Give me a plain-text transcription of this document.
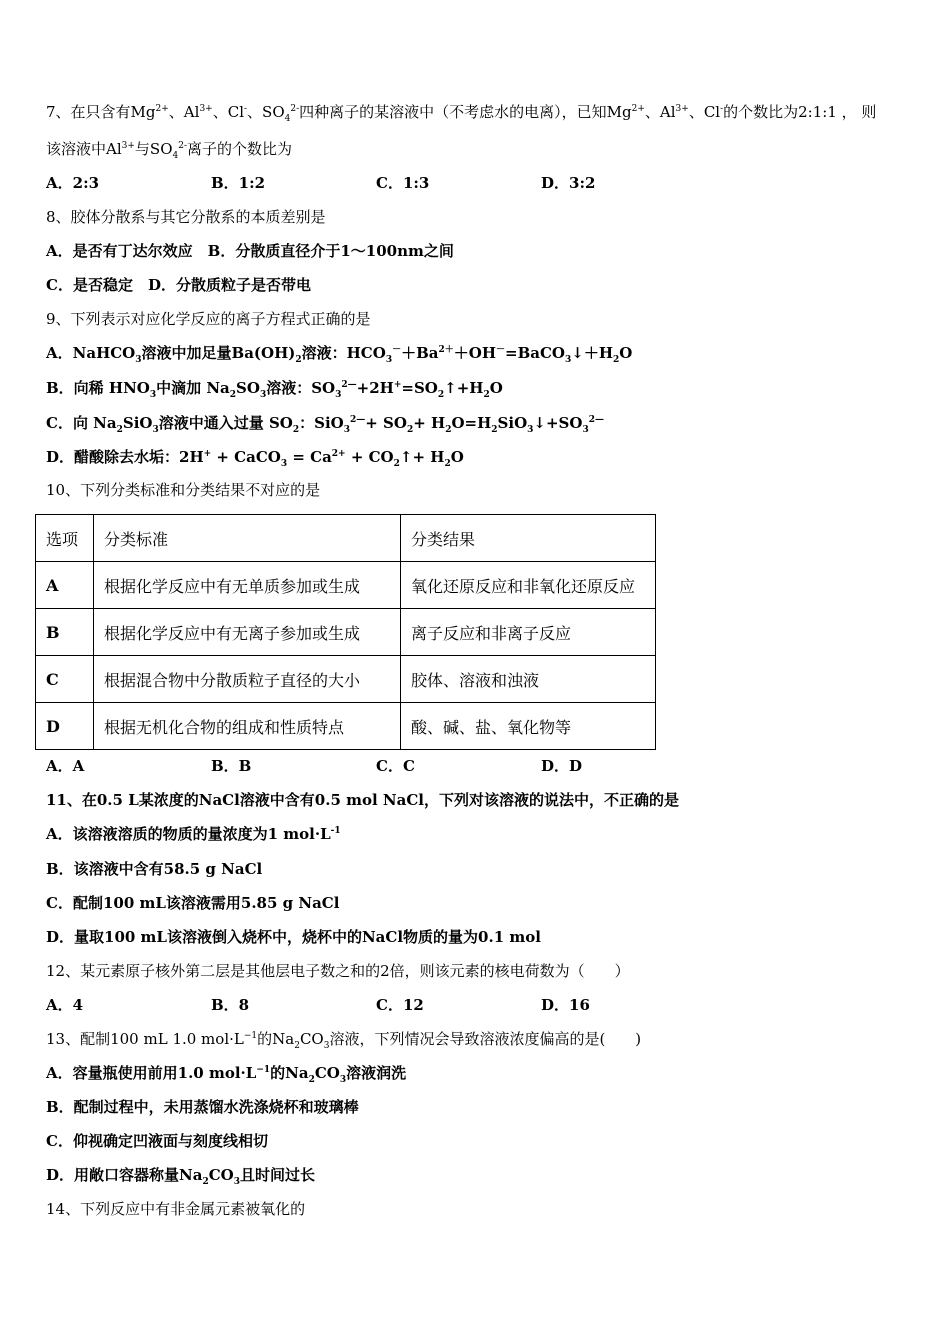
7、在只含有$Mg^{2+}$、$Al^{3+}$、Cl-、$SO_4^{2-}$四种离子的某溶液中（不考虑水的电离），已知$Mg^{2+}$、$Al^{3+}$、Cl-的个数比为2:1:1 ， 则
该溶液中$Al^{3+}$与$SO_4^{2-}$离子的个数比为
A．2:3	B．1:2	C．1:3	D．3:2
8、胶体分散系与其它分散系的本质差别是
A．是否有丁达尔效应　B．分散质直径介于1～100nm之间
C．是否稳定　D．分散质粒子是否带电
9、下列表示对应化学反应的离子方程式正确的是
A．NaHCO$_3$溶液中加足量$Ba(OH)_2$溶液：$HCO_3^-+Ba^{2+}+OH^-=BaCO_3↓+H_2O$
B．向稀 $HNO_3$中滴加 $Na_2SO_3$溶液：$SO_3^{2—}+2H^+=SO_2↑+H_2O$
C．向 $Na_2SiO_3$溶液中通入过量 $SO_2$：$SiO_3^{2—}+ SO_2+$ $H_2O=H_2SiO_3↓+SO_3^{2—}$
D．醋酸除去水垢：2H+ + CaCO$_3$ = $Ca^{2+}$ + $CO_2↑+ H_2O$
10、下列分类标准和分类结果不对应的是
选项	分类标准	分类结果
A	根据化学反应中有无单质参加或生成	氧化还原反应和非氧化还原反应
B	根据化学反应中有无离子参加或生成	离子反应和非离子反应
C	根据混合物中分散质粒子直径的大小	胶体、溶液和浊液
D	根据无机化合物的组成和性质特点	酸、碱、盐、氧化物等
A．A	B．B	C．C	D．D
11、在0.5 L某浓度的NaCl溶液中含有0.5 mol NaCl，下列对该溶液的说法中，不正确的是
A．该溶液溶质的物质的量浓度为1 $mol\cdot L^{-1}$
B．该溶液中含有58.5 g NaCl
C．配制100 mL该溶液需用5.85 g NaCl
D．量取100 mL该溶液倒入烧杯中，烧杯中的NaCl物质的量为0.1 mol
12、某元素原子核外第二层是其他层电子数之和的2倍，则该元素的核电荷数为（　　）
A．4	B．8	C．12	D．16
13、配制100 mL 1.0 $mol\cdot L^{-1}$的$Na_2CO_3$溶液，下列情况会导致溶液浓度偏高的是(　　)
A．容量瓶使用前用1.0 $mol\cdot L^{-1}$的$Na_2CO_3$溶液润洗
B．配制过程中，未用蒸馏水洗涤烧杯和玻璃棒
C．仰视确定凹液面与刻度线相切
D．用敞口容器称量$Na_2CO_3$且时间过长
14、下列反应中有非金属元素被氧化的
